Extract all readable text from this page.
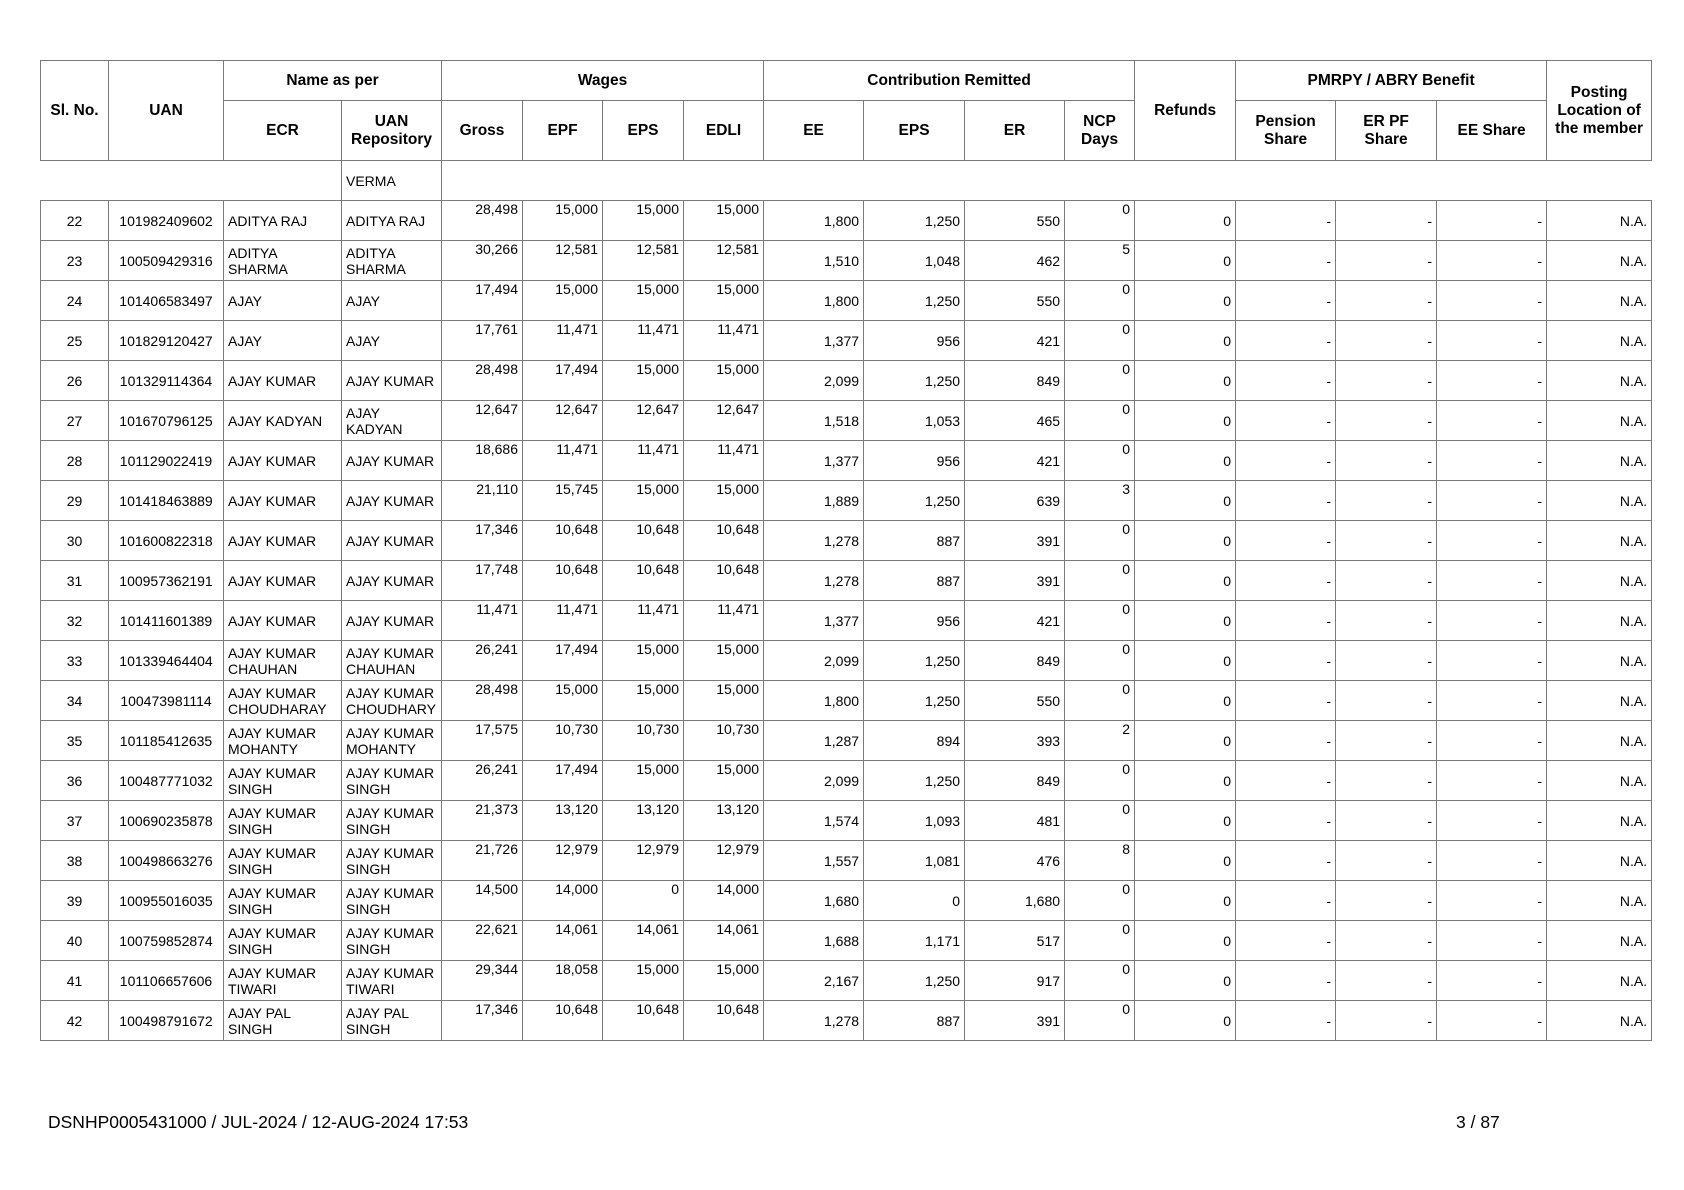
Sl. No.	UAN	Name as per		Wages				Contribution Remitted				Refunds	PMRPY / ABRY Benefit			Posting Location of the member
		ECR	UAN Repository	Gross	EPF	EPS	EDLI	EE	EPS	ER	NCP Days		Pension Share	ER PF Share	EE Share	
			VERMA													
22	101982409602	ADITYA RAJ	ADITYA RAJ	28,498	15,000	15,000	15,000	1,800	1,250	550	0	0	-	-	-	N.A.
23	100509429316	ADITYA SHARMA	ADITYA SHARMA	30,266	12,581	12,581	12,581	1,510	1,048	462	5	0	-	-	-	N.A.
24	101406583497	AJAY	AJAY	17,494	15,000	15,000	15,000	1,800	1,250	550	0	0	-	-	-	N.A.
25	101829120427	AJAY	AJAY	17,761	11,471	11,471	11,471	1,377	956	421	0	0	-	-	-	N.A.
26	101329114364	AJAY KUMAR	AJAY KUMAR	28,498	17,494	15,000	15,000	2,099	1,250	849	0	0	-	-	-	N.A.
27	101670796125	AJAY KADYAN	AJAY KADYAN	12,647	12,647	12,647	12,647	1,518	1,053	465	0	0	-	-	-	N.A.
28	101129022419	AJAY KUMAR	AJAY KUMAR	18,686	11,471	11,471	11,471	1,377	956	421	0	0	-	-	-	N.A.
29	101418463889	AJAY KUMAR	AJAY KUMAR	21,110	15,745	15,000	15,000	1,889	1,250	639	3	0	-	-	-	N.A.
30	101600822318	AJAY KUMAR	AJAY KUMAR	17,346	10,648	10,648	10,648	1,278	887	391	0	0	-	-	-	N.A.
31	100957362191	AJAY KUMAR	AJAY KUMAR	17,748	10,648	10,648	10,648	1,278	887	391	0	0	-	-	-	N.A.
32	101411601389	AJAY KUMAR	AJAY KUMAR	11,471	11,471	11,471	11,471	1,377	956	421	0	0	-	-	-	N.A.
33	101339464404	AJAY KUMAR CHAUHAN	AJAY KUMAR CHAUHAN	26,241	17,494	15,000	15,000	2,099	1,250	849	0	0	-	-	-	N.A.
34	100473981114	AJAY KUMAR CHOUDHARAY	AJAY KUMAR CHOUDHARY	28,498	15,000	15,000	15,000	1,800	1,250	550	0	0	-	-	-	N.A.
35	101185412635	AJAY KUMAR MOHANTY	AJAY KUMAR MOHANTY	17,575	10,730	10,730	10,730	1,287	894	393	2	0	-	-	-	N.A.
36	100487771032	AJAY KUMAR SINGH	AJAY KUMAR SINGH	26,241	17,494	15,000	15,000	2,099	1,250	849	0	0	-	-	-	N.A.
37	100690235878	AJAY KUMAR SINGH	AJAY KUMAR SINGH	21,373	13,120	13,120	13,120	1,574	1,093	481	0	0	-	-	-	N.A.
38	100498663276	AJAY KUMAR SINGH	AJAY KUMAR SINGH	21,726	12,979	12,979	12,979	1,557	1,081	476	8	0	-	-	-	N.A.
39	100955016035	AJAY KUMAR SINGH	AJAY KUMAR SINGH	14,500	14,000	0	14,000	1,680	0	1,680	0	0	-	-	-	N.A.
40	100759852874	AJAY KUMAR SINGH	AJAY KUMAR SINGH	22,621	14,061	14,061	14,061	1,688	1,171	517	0	0	-	-	-	N.A.
41	101106657606	AJAY KUMAR TIWARI	AJAY KUMAR TIWARI	29,344	18,058	15,000	15,000	2,167	1,250	917	0	0	-	-	-	N.A.
42	100498791672	AJAY PAL SINGH	AJAY PAL SINGH	17,346	10,648	10,648	10,648	1,278	887	391	0	0	-	-	-	N.A.
DSNHP0005431000 / JUL-2024 / 12-AUG-2024 17:53	3 / 87
